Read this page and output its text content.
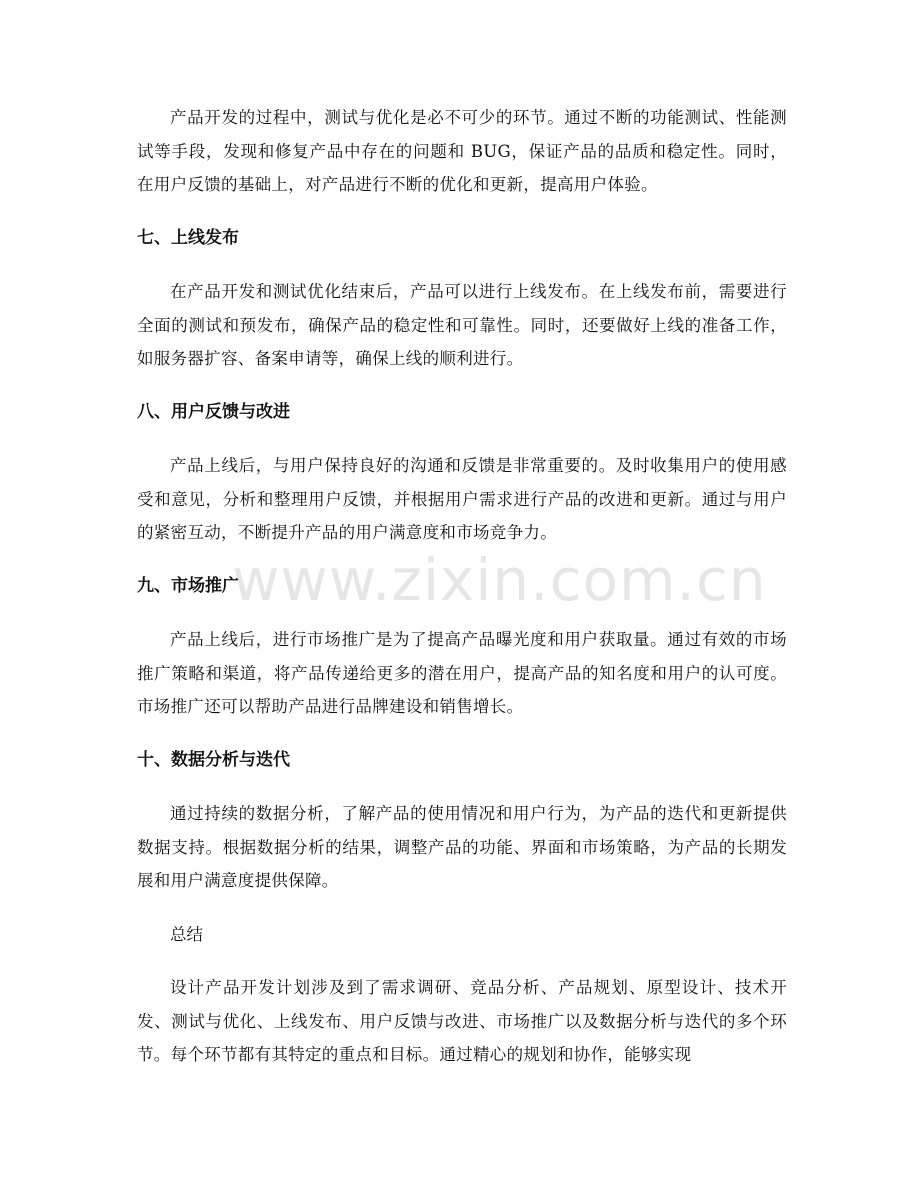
产品开发的过程中，测试与优化是必不可少的环节。通过不断的功能测试、性能测试等手段，发现和修复产品中存在的问题和 BUG，保证产品的品质和稳定性。同时，在用户反馈的基础上，对产品进行不断的优化和更新，提高用户体验。

七、上线发布

在产品开发和测试优化结束后，产品可以进行上线发布。在上线发布前，需要进行全面的测试和预发布，确保产品的稳定性和可靠性。同时，还要做好上线的准备工作，如服务器扩容、备案申请等，确保上线的顺利进行。

八、用户反馈与改进

产品上线后，与用户保持良好的沟通和反馈是非常重要的。及时收集用户的使用感受和意见，分析和整理用户反馈，并根据用户需求进行产品的改进和更新。通过与用户的紧密互动，不断提升产品的用户满意度和市场竞争力。

九、市场推广

产品上线后，进行市场推广是为了提高产品曝光度和用户获取量。通过有效的市场推广策略和渠道，将产品传递给更多的潜在用户，提高产品的知名度和用户的认可度。市场推广还可以帮助产品进行品牌建设和销售增长。

十、数据分析与迭代

通过持续的数据分析，了解产品的使用情况和用户行为，为产品的迭代和更新提供数据支持。根据数据分析的结果，调整产品的功能、界面和市场策略，为产品的长期发展和用户满意度提供保障。

总结

设计产品开发计划涉及到了需求调研、竞品分析、产品规划、原型设计、技术开发、测试与优化、上线发布、用户反馈与改进、市场推广以及数据分析与迭代的多个环节。每个环节都有其特定的重点和目标。通过精心的规划和协作，能够实现

www.zixin.com.cn
